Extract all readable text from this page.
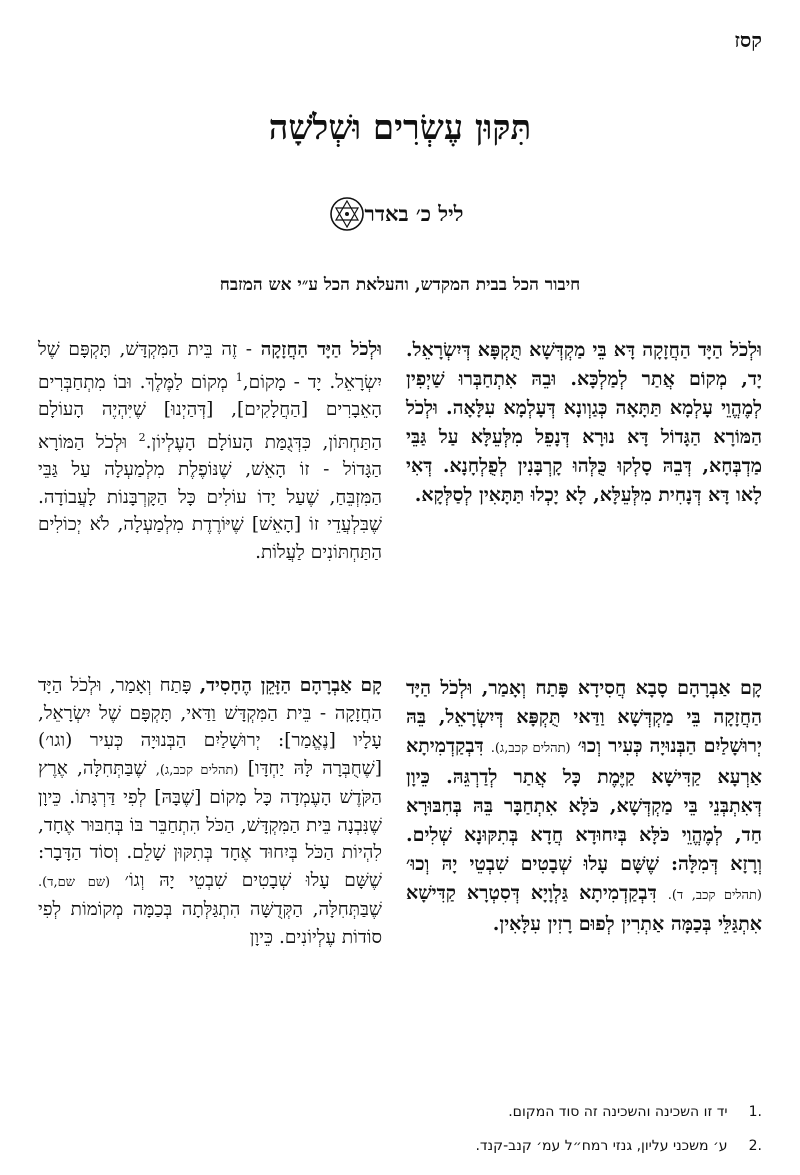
קסז
תִּקּוּן עֶשְׂרִים וּשְׁלֹשָׁה
ליל כ׳ באדר
חיבור הכל בבית המקדש, והעלאת הכל ע״י אש המזבח
וּלְכֹל הַיָּד הַחֲזָקָה דָּא בֵּי מַקְדְּשָׁא תֻּקְפָּא דְּיִשְׂרָאֵל. יָד, מְקוֹם אֲתַר לְמַלְכָּא. וּבֵהּ אִתְחַבְּרוּ שַׁיְפִין לְמֶהֱוֵי עָלְמָא תַּתָּאָה כְּגַוְונָא דְּעָלְמָא עִלָּאָה. וּלְכֹל הַמּוֹרָא הַגָּדוֹל דָּא נוּרָא דְּנָפֵל מִלְּעֵלָּא עַל גַּבֵּי מַדְבְּחָא, דְּבֵהּ סָלְקוּ כֻּלְּהוּ קָרְבָּנִין לְפֻלְחָנָא. דְּאִי לָאו דָּא דְּנָחִית מִלְּעֵלָּא, לָא יָכְלוּ תַּתָּאִין לְסַלְּקָא.
קָם אַבְרָהָם סָבָא חֲסִידָא פָּתַח וְאָמַר, וּלְכֹל הַיָּד הַחֲזָקָה בֵּי מַקְדְּשָׁא וַדַּאי תֻּקְפָּא דְּיִשְׂרָאֵל, בֵּהּ יְרוּשָׁלַיִם הַבְּנוּיָה כְּעִיר וְכוּ׳ (תהלים קכב,ג). דִּבְקַדְמִיתָא אַרְעָא קַדִּישָׁא קַיֶּמֶת כָּל אֲתַר לְדַרְגֵּהּ. כֵּיוָן דְּאִתְבְּנֵי בֵּי מַקְדְּשָׁא, כֹּלָּא אִתְחַבָּר בֵּהּ בְּחִבּוּרָא חַד, לְמֶהֱוֵי כֹּלָּא בְּיִחוּדָא חֲדָא בְּתִקּוּנָא שְׁלִים. וְרָזָא דְּמִלָּה: שֶׁשָּׁם עָלוּ שְׁבָטִים שִׁבְטֵי יָהּ וְכוּ׳ (תהלים קכב, ד). דִּבְקַדְמִיתָא גַּלְוָיָא דְּסִטְרָא קַדִּישָׁא אִתְגַּלֵּי בְּכַמָּה אַתְרִין לְפוּם רָזִין עִלָּאִין.
וּלְכֹל הַיָּד הַחֲזָקָה - זֶה בֵּית הַמִּקְדָּשׁ, תָּקְפָּם שֶׁל יִשְׂרָאֵל. יָד - מָקוֹם,$^1$ מְקוֹם לַמֶּלֶךְ. וּבוֹ מִתְחַבְּרִים הָאֵבָרִים [הַחֲלָקִים], [דְּהַיְנוּ] שֶׁיִּהְיֶה הָעוֹלָם הַתַּחְתּוֹן, כִּדְּגֻמַּת הָעוֹלָם הָעֶלְיוֹן.$^2$ וּלְכֹל הַמּוֹרָא הַגָּדוֹל - זוֹ הָאֵשׁ, שֶׁנּוֹפֶלֶת מִלְמַעְלָה עַל גַּבֵּי הַמִּזְבֵּחַ, שֶׁעַל יָדוֹ עוֹלִים כָּל הַקָּרְבָּנוֹת לָעֲבוֹדָה. שֶׁבִּלְעֲדֵי זוֹ [הָאֵשׁ] שֶׁיּוֹרֶדֶת מִלְמַעְלָה, לֹא יְכוֹלִים הַתַּחְתּוֹנִים לַעֲלוֹת.
קָם אַבְרָהָם הַזָּקֵן הֶחָסִיד, פָּתַח וְאָמַר, וּלְכֹל הַיָּד הַחֲזָקָה - בֵּית הַמִּקְדָּשׁ וַדַּאי, תָּקְפָּם שֶׁל יִשְׂרָאֵל, עָלָיו [נֶאֱמַר]: יְרוּשָׁלַיִם הַבְּנוּיָה כְּעִיר (וגו׳) [שֶׁחֻבְּרָה לָּהּ יַחְדָּו] (תהלים קכב,ג), שֶׁבַּתְּחִלָּה, אֶרֶץ הַקֹּדֶשׁ הָעֶמְדָה כָּל מָקוֹם [שֶׁבָּהּ] לְפִי דַּרְגָּתוֹ. כֵּיוָן שֶׁנִּבְנָה בֵּית הַמִּקְדָּשׁ, הַכֹּל הִתְחַבֵּר בּוֹ בְּחִבּוּר אֶחָד, לִהְיוֹת הַכֹּל בְּיִחוּד אֶחָד בְּתִקּוּן שָׁלֵם. וְסוֹד הַדָּבָר: שֶׁשָּׁם עָלוּ שְׁבָטִים שִׁבְטֵי יָהּ וְגוֹ׳ (שם שם,ד). שֶׁבַּתְּחִלָּה, הַקְּדֻשָּׁה הִתְגַּלְּתָה בְּכַמָּה מְקוֹמוֹת לְפִי סוֹדוֹת עֶלְיוֹנִים. כֵּיוָן
.1 יד זו השכינה והשכינה זה סוד המקום.
.2 ע׳ משכני עליון, גנזי רמח״ל עמ׳ קנב-קנד.
